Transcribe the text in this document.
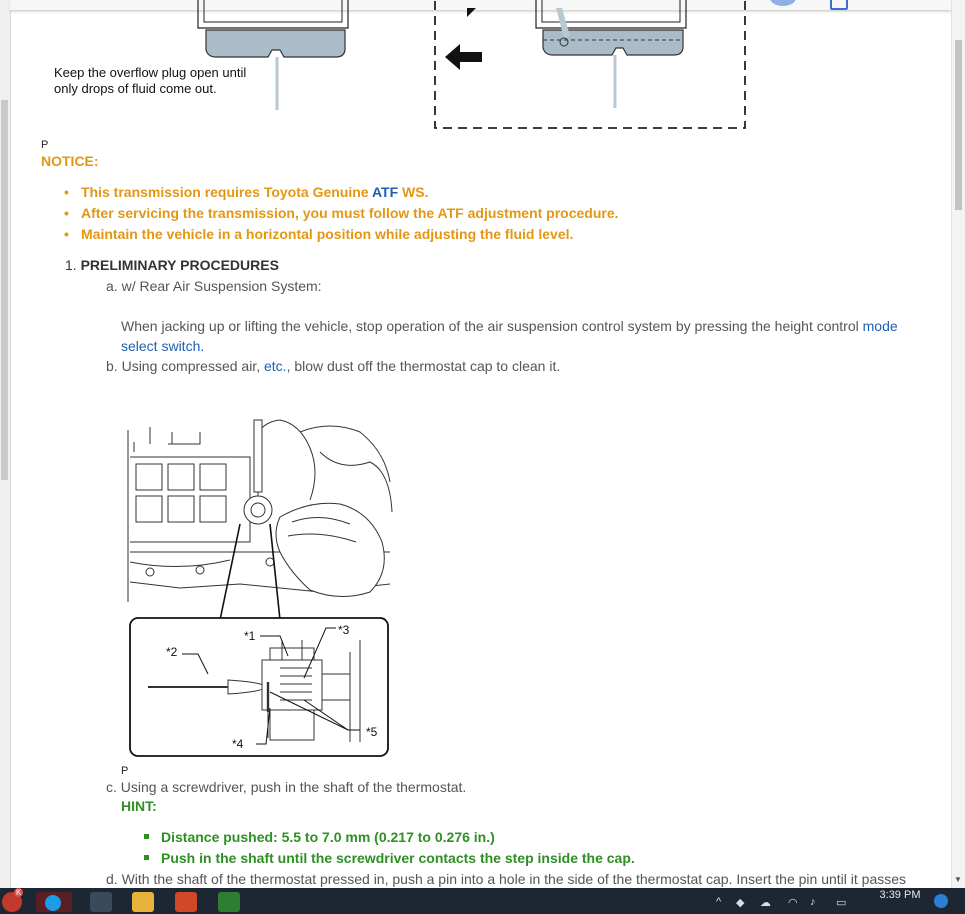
▼
Keep the overflow plug open until
only drops of fluid come out.
P
NOTICE:
• This transmission requires Toyota Genuine ATF WS.
• After servicing the transmission, you must follow the ATF adjustment procedure.
• Maintain the vehicle in a horizontal position while adjusting the fluid level.
1. PRELIMINARY PROCEDURES
a. w/ Rear Air Suspension System:
When jacking up or lifting the vehicle, stop operation of the air suspension control system by pressing the height control mode
select switch.
b. Using compressed air, etc., blow dust off the thermostat cap to clean it.
*2
*1	*3
*4
*5
P
c. Using a screwdriver, push in the shaft of the thermostat.
HINT:
Distance pushed: 5.5 to 7.0 mm (0.217 to 0.276 in.)
Push in the shaft until the screwdriver contacts the step inside the cap.
d. With the shaft of the thermostat pressed in, push a pin into a hole in the side of the thermostat cap. Insert the pin until it passes
K
^ ◆ ☁ ◠ ♪ ▭
3:39 PM
